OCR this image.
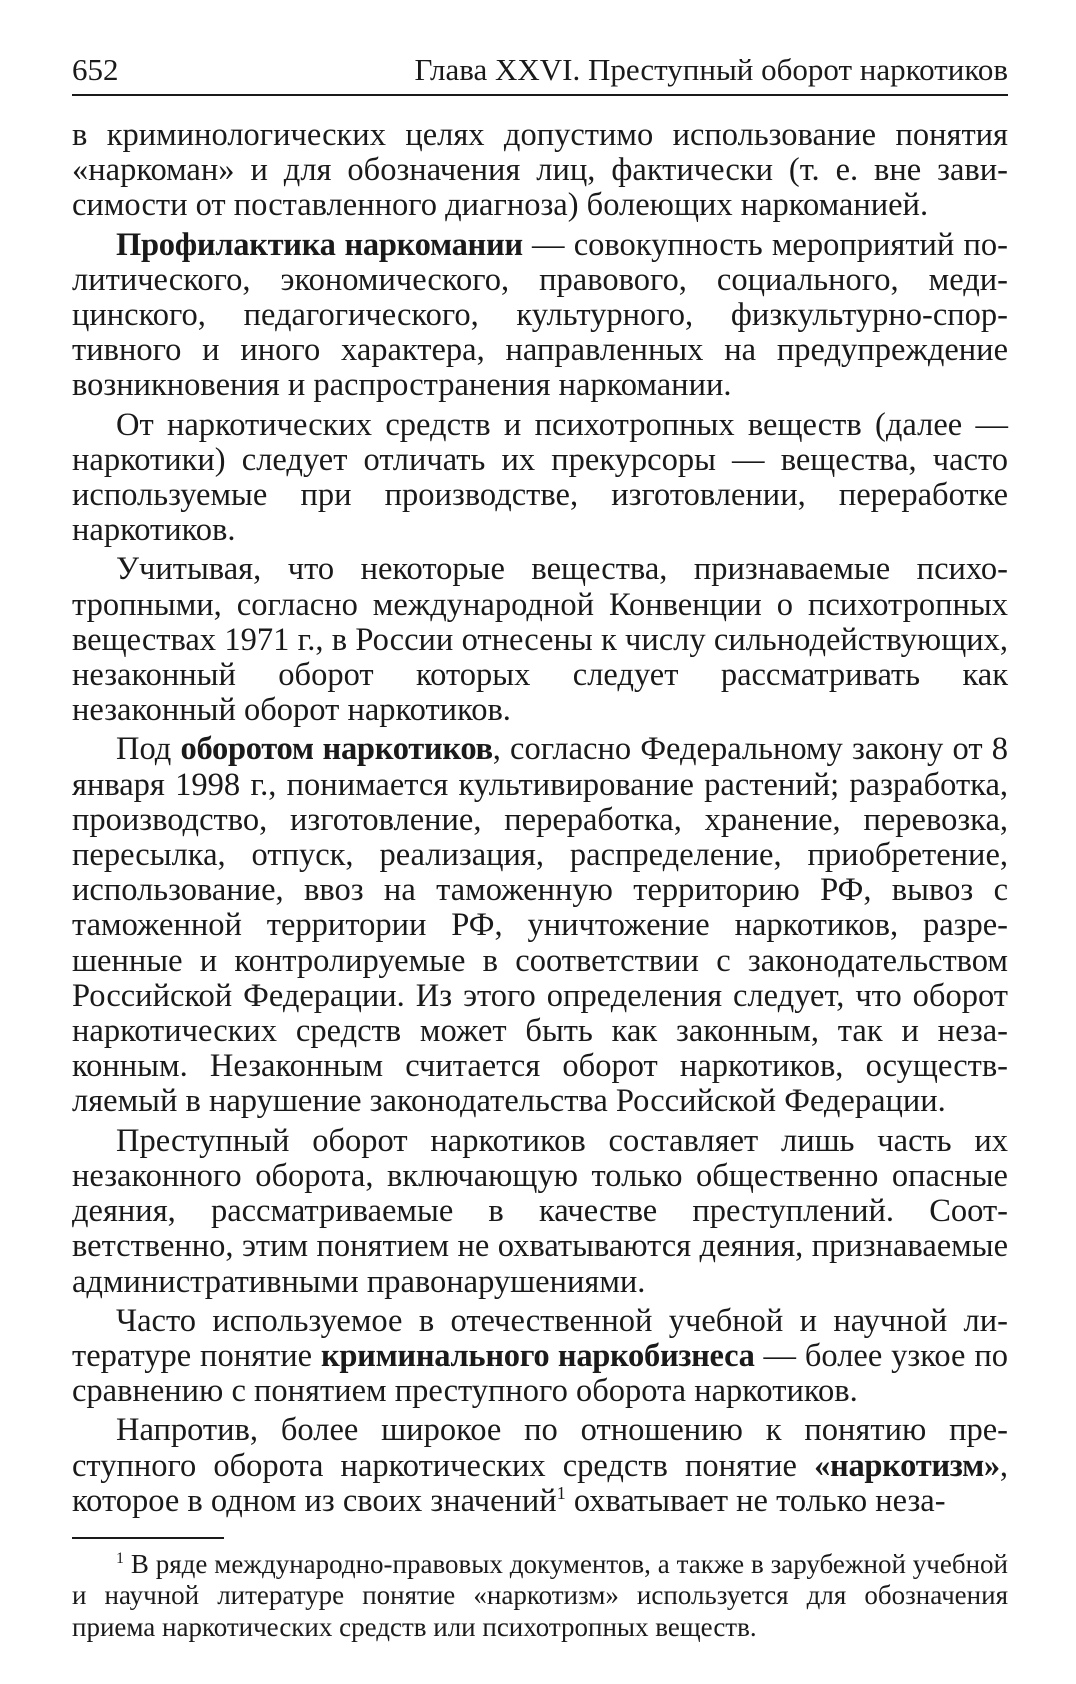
652	Глава XXVI. Преступный оборот наркотиков

в криминологических целях допустимо использование понятия «наркоман» и для обозначения лиц, фактически (т. е. вне зависимости от поставленного диагноза) болеющих наркоманией.

Профилактика наркомании — совокупность мероприятий политического, экономического, правового, социального, медицинского, педагогического, культурного, физкультурно-спортивного и иного характера, направленных на предупреждение возникновения и распространения наркомании.

От наркотических средств и психотропных веществ (далее — наркотики) следует отличать их прекурсоры — вещества, часто используемые при производстве, изготовлении, переработке наркотиков.

Учитывая, что некоторые вещества, признаваемые психотропными, согласно международной Конвенции о психотропных веществах 1971 г., в России отнесены к числу сильнодействующих, незаконный оборот которых следует рассматривать как незаконный оборот наркотиков.

Под оборотом наркотиков, согласно Федеральному закону от 8 января 1998 г., понимается культивирование растений; разработка, производство, изготовление, переработка, хранение, перевозка, пересылка, отпуск, реализация, распределение, приобретение, использование, ввоз на таможенную территорию РФ, вывоз с таможенной территории РФ, уничтожение наркотиков, разрешенные и контролируемые в соответствии с законодательством Российской Федерации. Из этого определения следует, что оборот наркотических средств может быть как законным, так и незаконным. Незаконным считается оборот наркотиков, осуществляемый в нарушение законодательства Российской Федерации.

Преступный оборот наркотиков составляет лишь часть их незаконного оборота, включающую только общественно опасные деяния, рассматриваемые в качестве преступлений. Соответственно, этим понятием не охватываются деяния, признаваемые административными правонарушениями.

Часто используемое в отечественной учебной и научной литературе понятие криминального наркобизнеса — более узкое по сравнению с понятием преступного оборота наркотиков.

Напротив, более широкое по отношению к понятию преступного оборота наркотических средств понятие «наркотизм», которое в одном из своих значений$^1$ охватывает не только неза-

$^1$ В ряде международно-правовых документов, а также в зарубежной учебной и научной литературе понятие «наркотизм» используется для обозначения приема наркотических средств или психотропных веществ.
